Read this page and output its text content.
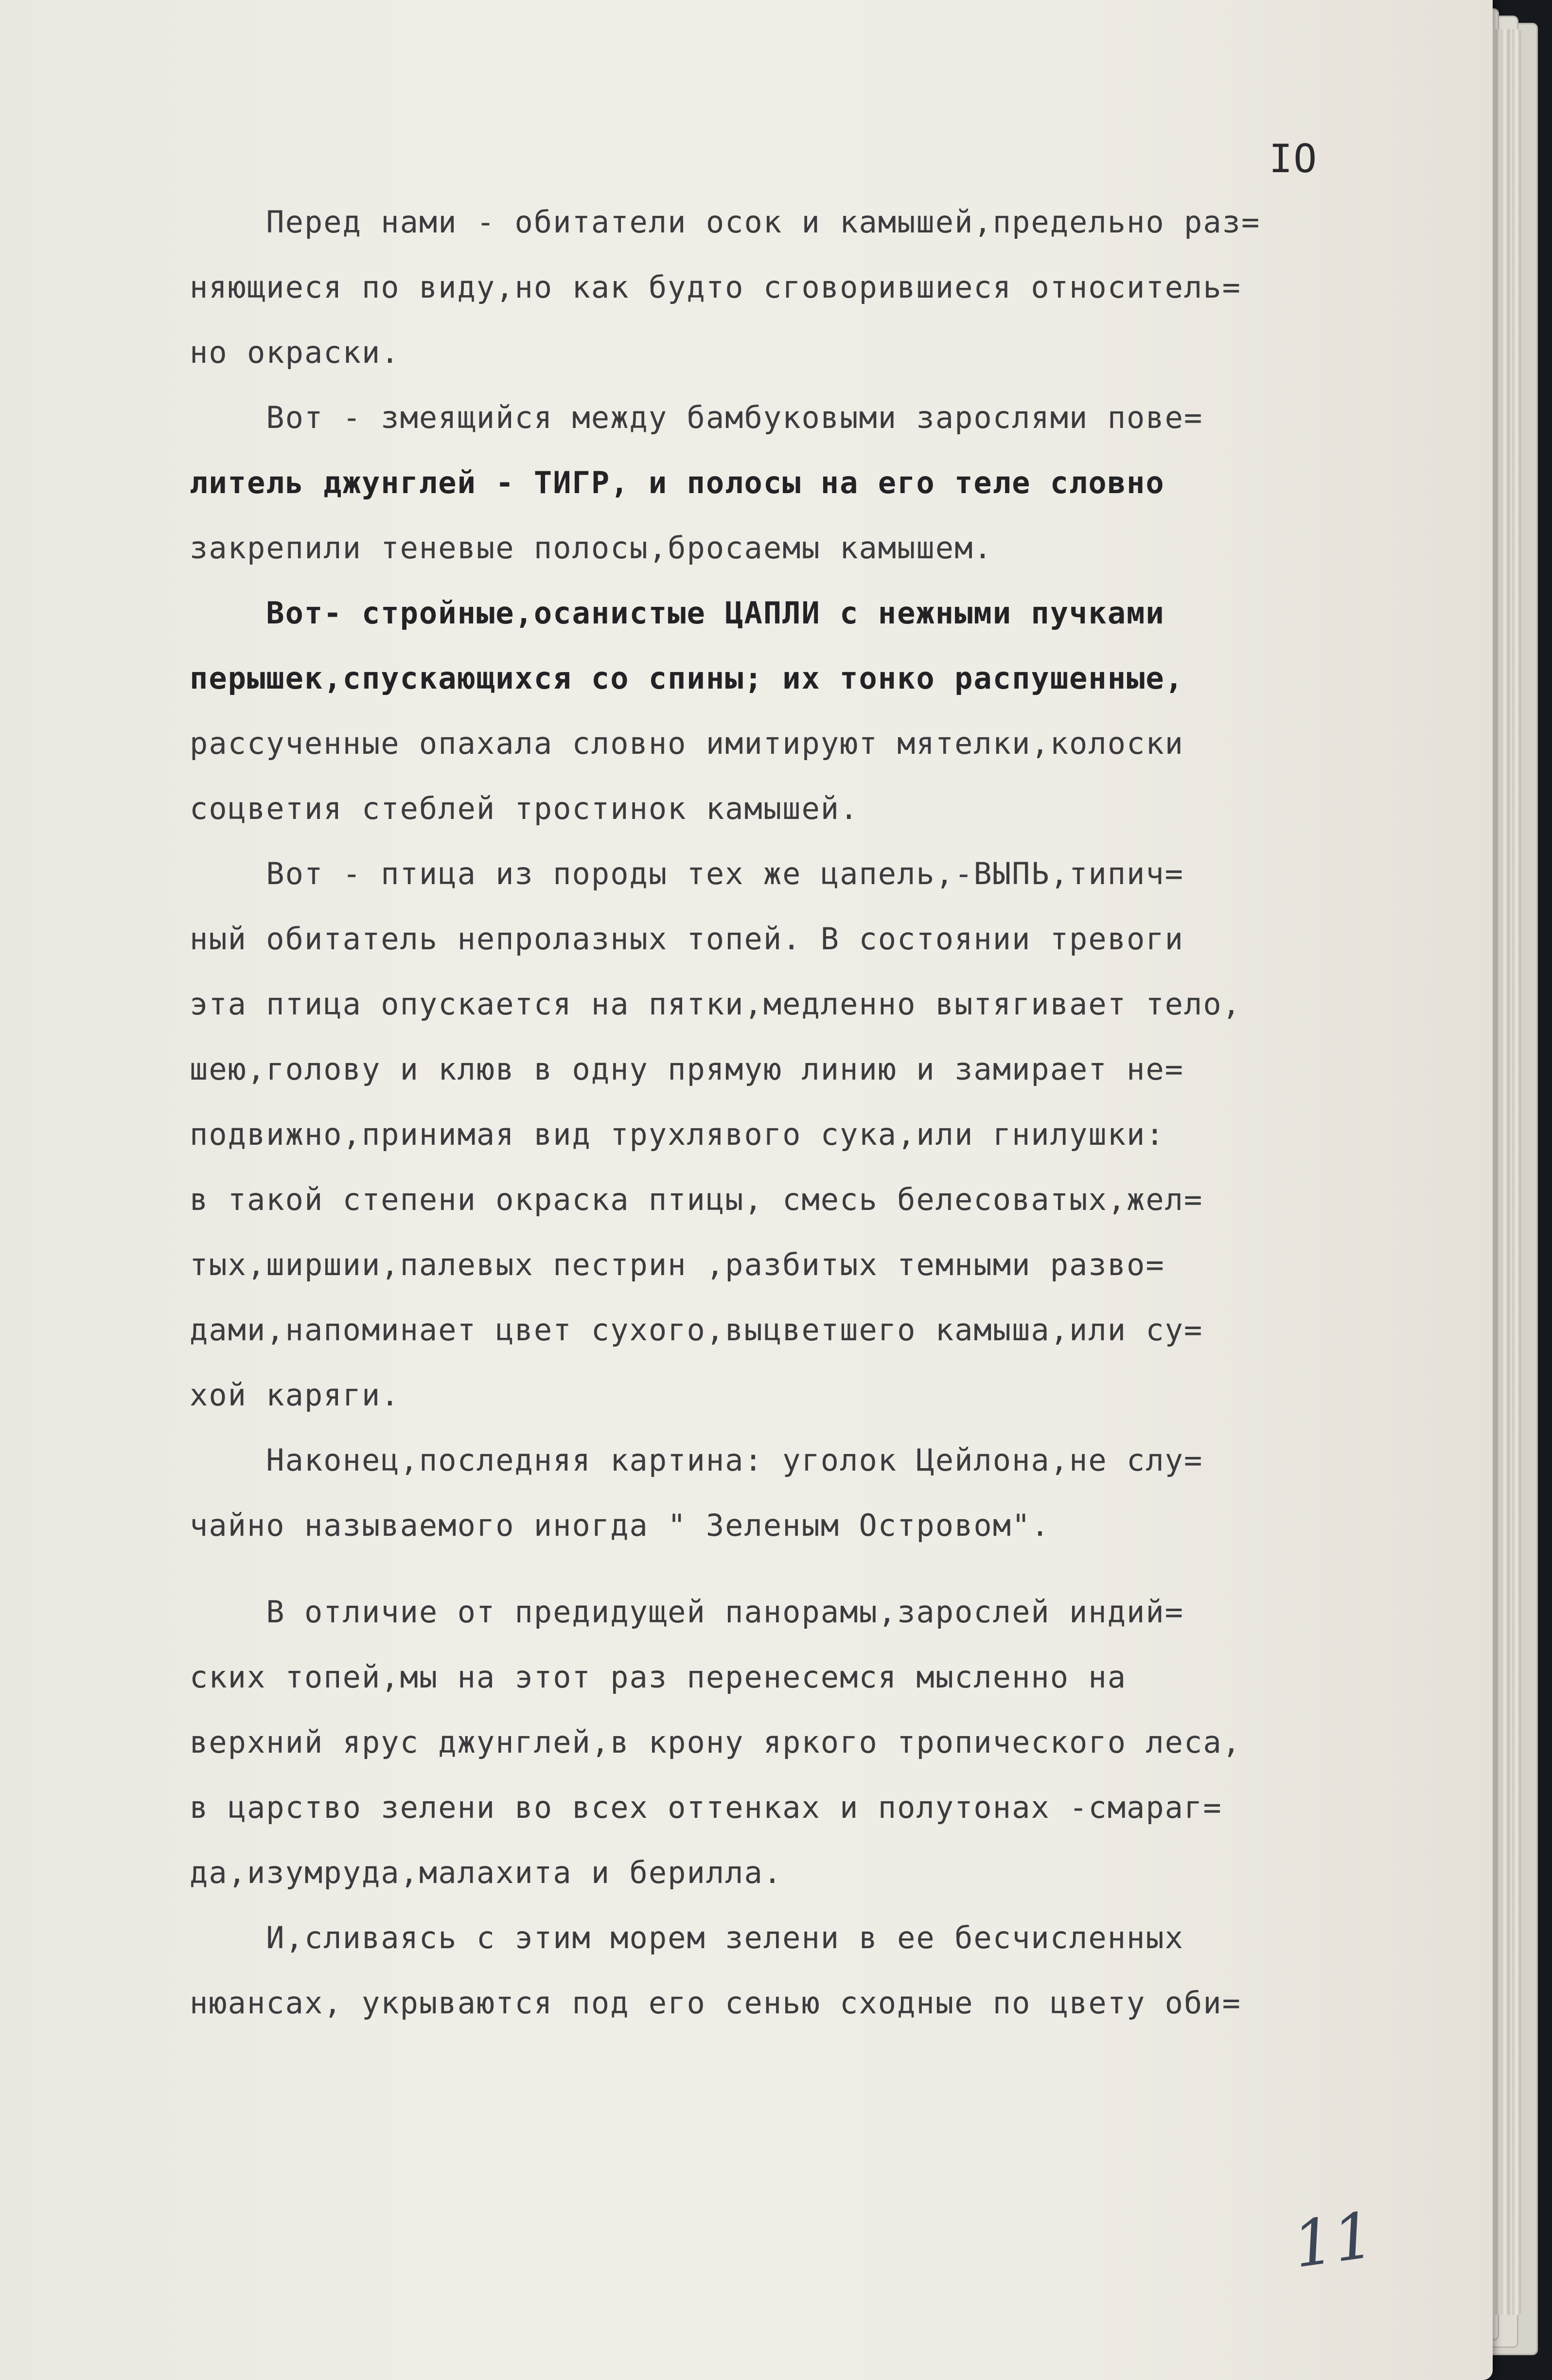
IO
Перед нами - обитатели осок и камышей,предельно раз=
няющиеся по виду,но как будто сговорившиеся относитель=
но окраски.
Вот - змеящийся между бамбуковыми зарослями пове=
литель джунглей - ТИГР, и полосы на его теле словно
закрепили теневые полосы,бросаемы камышем.
Вот- стройные,осанистые ЦАПЛИ с нежными пучками
перышек,спускающихся со спины; их тонко распушенные,
рассученные опахала словно имитируют мятелки,колоски
соцветия стеблей тростинок камышей.
Вот - птица из породы тех же цапель,-ВЫПЬ,типич=
ный обитатель непролазных топей. В состоянии тревоги
эта птица опускается на пятки,медленно вытягивает тело,
шею,голову и клюв в одну прямую линию и замирает не=
подвижно,принимая вид трухлявого сука,или гнилушки:
в такой степени окраска птицы, смесь белесоватых,жел=
тых,ширшии,палевых пестрин ,разбитых темными разво=
дами,напоминает цвет сухого,выцветшего камыша,или су=
хой каряги.
Наконец,последняя картина: уголок Цейлона,не слу=
чайно называемого иногда " Зеленым Островом".
В отличие от предидущей панорамы,зарослей индий=
ских топей,мы на этот раз перенесемся мысленно на
верхний ярус джунглей,в крону яркого тропического леса,
в царство зелени во всех оттенках и полутонах -смараг=
да,изумруда,малахита и берилла.
И,сливаясь с этим морем зелени в ее бесчисленных
нюансах, укрываются под его сенью сходные по цвету оби=
11
